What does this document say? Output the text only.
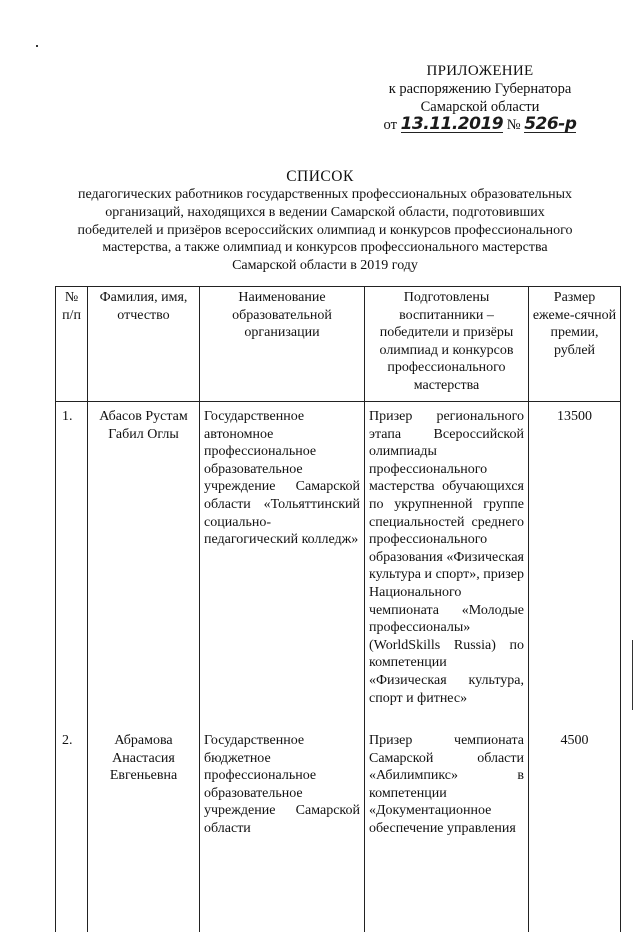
ПРИЛОЖЕНИЕ
к распоряжению Губернатора
Самарской области
от 13.11.2019 № 526-р
СПИСОК
педагогических работников государственных профессиональных образовательных организаций, находящихся в ведении Самарской области, подготовивших победителей и призёров всероссийских олимпиад и конкурсов профессионального мастерства, а также олимпиад и конкурсов профессионального мастерства Самарской области в 2019 году
№ п/п	Фамилия, имя, отчество	Наименование образовательной организации	Подготовлены воспитанники – победители и призёры олимпиад и конкурсов профессионального мастерства	Размер ежеме-сячной премии, рублей
1.	Абасов Рустам Габил Оглы	Государственное автономное профессиональное образовательное учреждение Самарской области «Тольяттинский социально-педагогический колледж»	Призер регионального этапа Всероссийской олимпиады профессионального мастерства обучающихся по укрупненной группе специальностей среднего профессионального образования «Физическая культура и спорт», призер Национального чемпионата «Молодые профессионалы» (WorldSkills Russia) по компетенции «Физическая культура, спорт и фитнес»	13500
2.	Абрамова Анастасия Евгеньевна	Государственное бюджетное профессиональное образовательное учреждение Самарской области	Призер чемпионата Самарской области «Абилимпикс» в компетенции «Документационное обеспечение управления	4500
